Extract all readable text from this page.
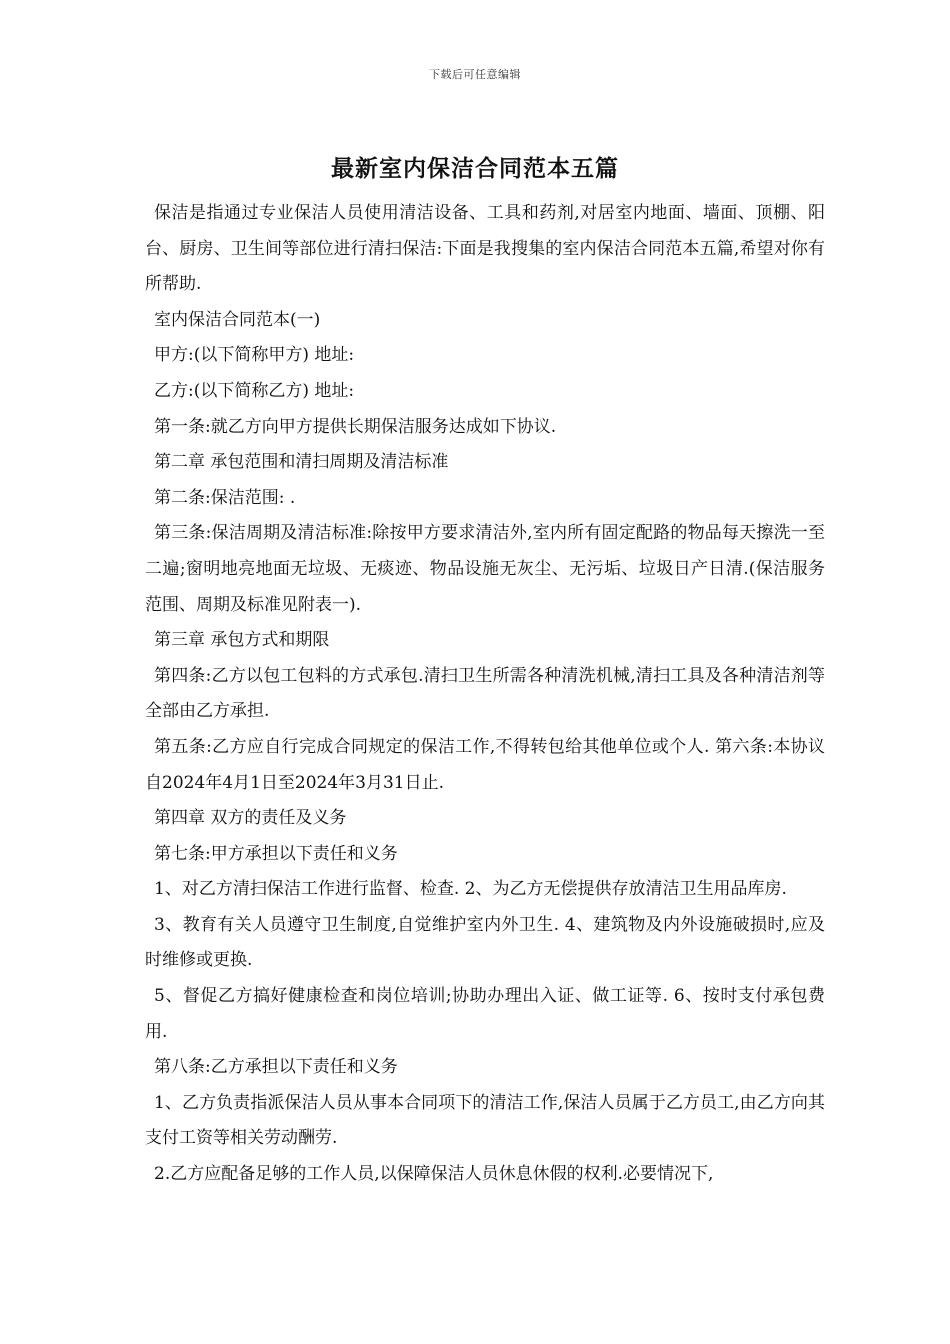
下载后可任意编辑
最新室内保洁合同范本五篇

保洁是指通过专业保洁人员使用清洁设备、工具和药剂,对居室内地面、墙面、顶棚、阳台、厨房、卫生间等部位进行清扫保洁:下面是我搜集的室内保洁合同范本五篇,希望对你有所帮助.

室内保洁合同范本(一)

甲方:(以下简称甲方) 地址:

乙方:(以下简称乙方) 地址:

第一条:就乙方向甲方提供长期保洁服务达成如下协议.

第二章 承包范围和清扫周期及清洁标准

第二条:保洁范围: .

第三条:保洁周期及清洁标准:除按甲方要求清洁外,室内所有固定配路的物品每天擦洗一至二遍;窗明地亮地面无垃圾、无痰迹、物品设施无灰尘、无污垢、垃圾日产日清.(保洁服务范围、周期及标准见附表一).

第三章 承包方式和期限

第四条:乙方以包工包料的方式承包.清扫卫生所需各种清洗机械,清扫工具及各种清洁剂等全部由乙方承担.

第五条:乙方应自行完成合同规定的保洁工作,不得转包给其他单位或个人. 第六条:本协议自2024年4月1日至2024年3月31日止.

第四章 双方的责任及义务

第七条:甲方承担以下责任和义务

1、对乙方清扫保洁工作进行监督、检查. 2、为乙方无偿提供存放清洁卫生用品库房.

3、教育有关人员遵守卫生制度,自觉维护室内外卫生. 4、建筑物及内外设施破损时,应及时维修或更换.

5、督促乙方搞好健康检查和岗位培训;协助办理出入证、做工证等. 6、按时支付承包费用.

第八条:乙方承担以下责任和义务

1、乙方负责指派保洁人员从事本合同项下的清洁工作,保洁人员属于乙方员工,由乙方向其支付工资等相关劳动酬劳.

2.乙方应配备足够的工作人员,以保障保洁人员休息休假的权利.必要情况下,
